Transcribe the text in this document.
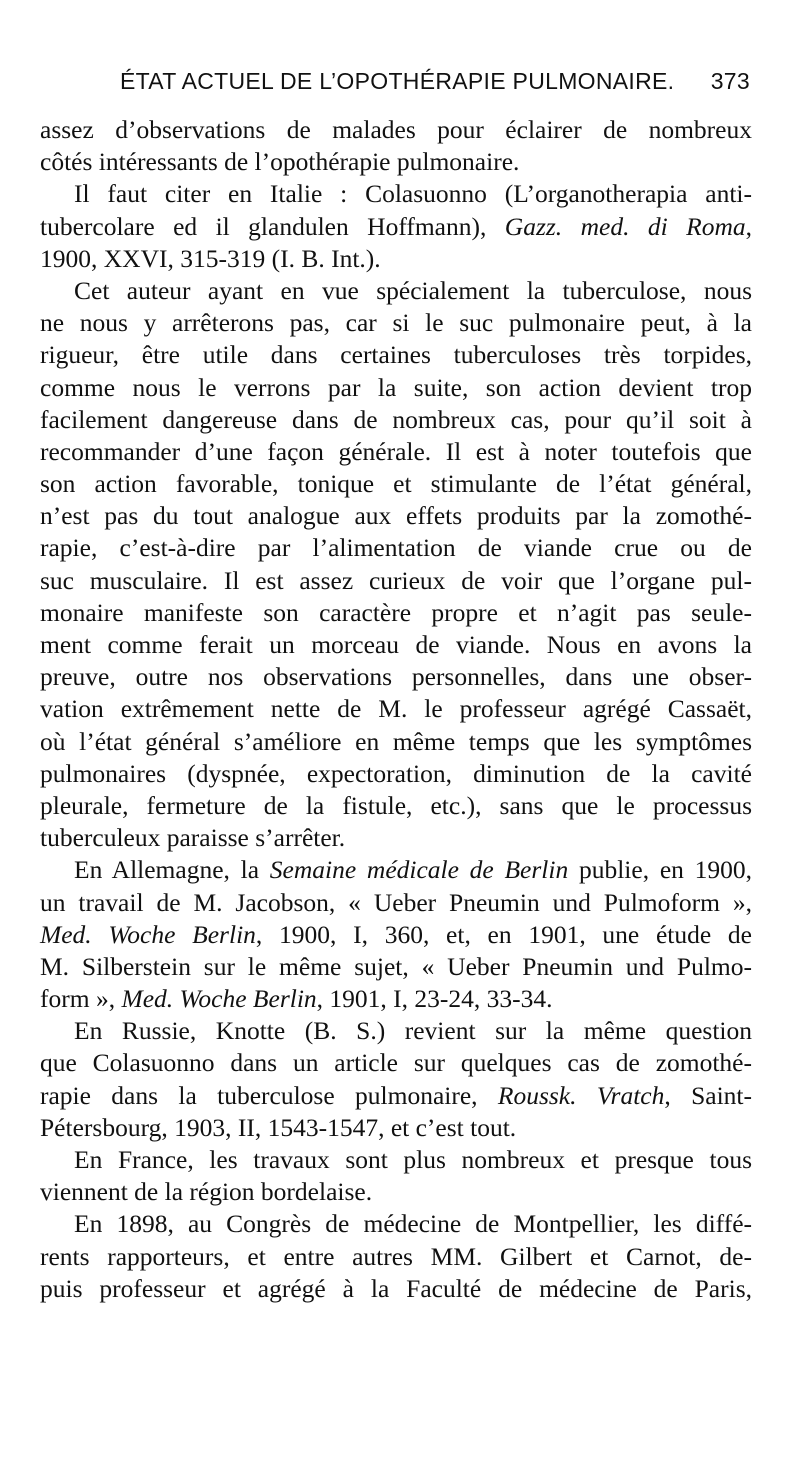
ÉTAT ACTUEL DE L’OPOTHÉRAPIE PULMONAIRE. 373
assez d’observations de malades pour éclairer de nombreux
côtés intéressants de l’opothérapie pulmonaire.
Il faut citer en Italie : Colasuonno (L’organotherapia anti-
tubercolare ed il glandulen Hoffmann), Gazz. med. di Roma,
1900, XXVI, 315-319 (I. B. Int.).
Cet auteur ayant en vue spécialement la tuberculose, nous
ne nous y arrêterons pas, car si le suc pulmonaire peut, à la
rigueur, être utile dans certaines tuberculoses très torpides,
comme nous le verrons par la suite, son action devient trop
facilement dangereuse dans de nombreux cas, pour qu’il soit à
recommander d’une façon générale. Il est à noter toutefois que
son action favorable, tonique et stimulante de l’état général,
n’est pas du tout analogue aux effets produits par la zomothé-
rapie, c’est-à-dire par l’alimentation de viande crue ou de
suc musculaire. Il est assez curieux de voir que l’organe pul-
monaire manifeste son caractère propre et n’agit pas seule-
ment comme ferait un morceau de viande. Nous en avons la
preuve, outre nos observations personnelles, dans une obser-
vation extrêmement nette de M. le professeur agrégé Cassaët,
où l’état général s’améliore en même temps que les symptômes
pulmonaires (dyspnée, expectoration, diminution de la cavité
pleurale, fermeture de la fistule, etc.), sans que le processus
tuberculeux paraisse s’arrêter.
En Allemagne, la Semaine médicale de Berlin publie, en 1900,
un travail de M. Jacobson, « Ueber Pneumin und Pulmoform »,
Med. Woche Berlin, 1900, I, 360, et, en 1901, une étude de
M. Silberstein sur le même sujet, « Ueber Pneumin und Pulmo-
form », Med. Woche Berlin, 1901, I, 23-24, 33-34.
En Russie, Knotte (B. S.) revient sur la même question
que Colasuonno dans un article sur quelques cas de zomothé-
rapie dans la tuberculose pulmonaire, Roussk. Vratch, Saint-
Pétersbourg, 1903, II, 1543-1547, et c’est tout.
En France, les travaux sont plus nombreux et presque tous
viennent de la région bordelaise.
En 1898, au Congrès de médecine de Montpellier, les diffé-
rents rapporteurs, et entre autres MM. Gilbert et Carnot, de-
puis professeur et agrégé à la Faculté de médecine de Paris,
